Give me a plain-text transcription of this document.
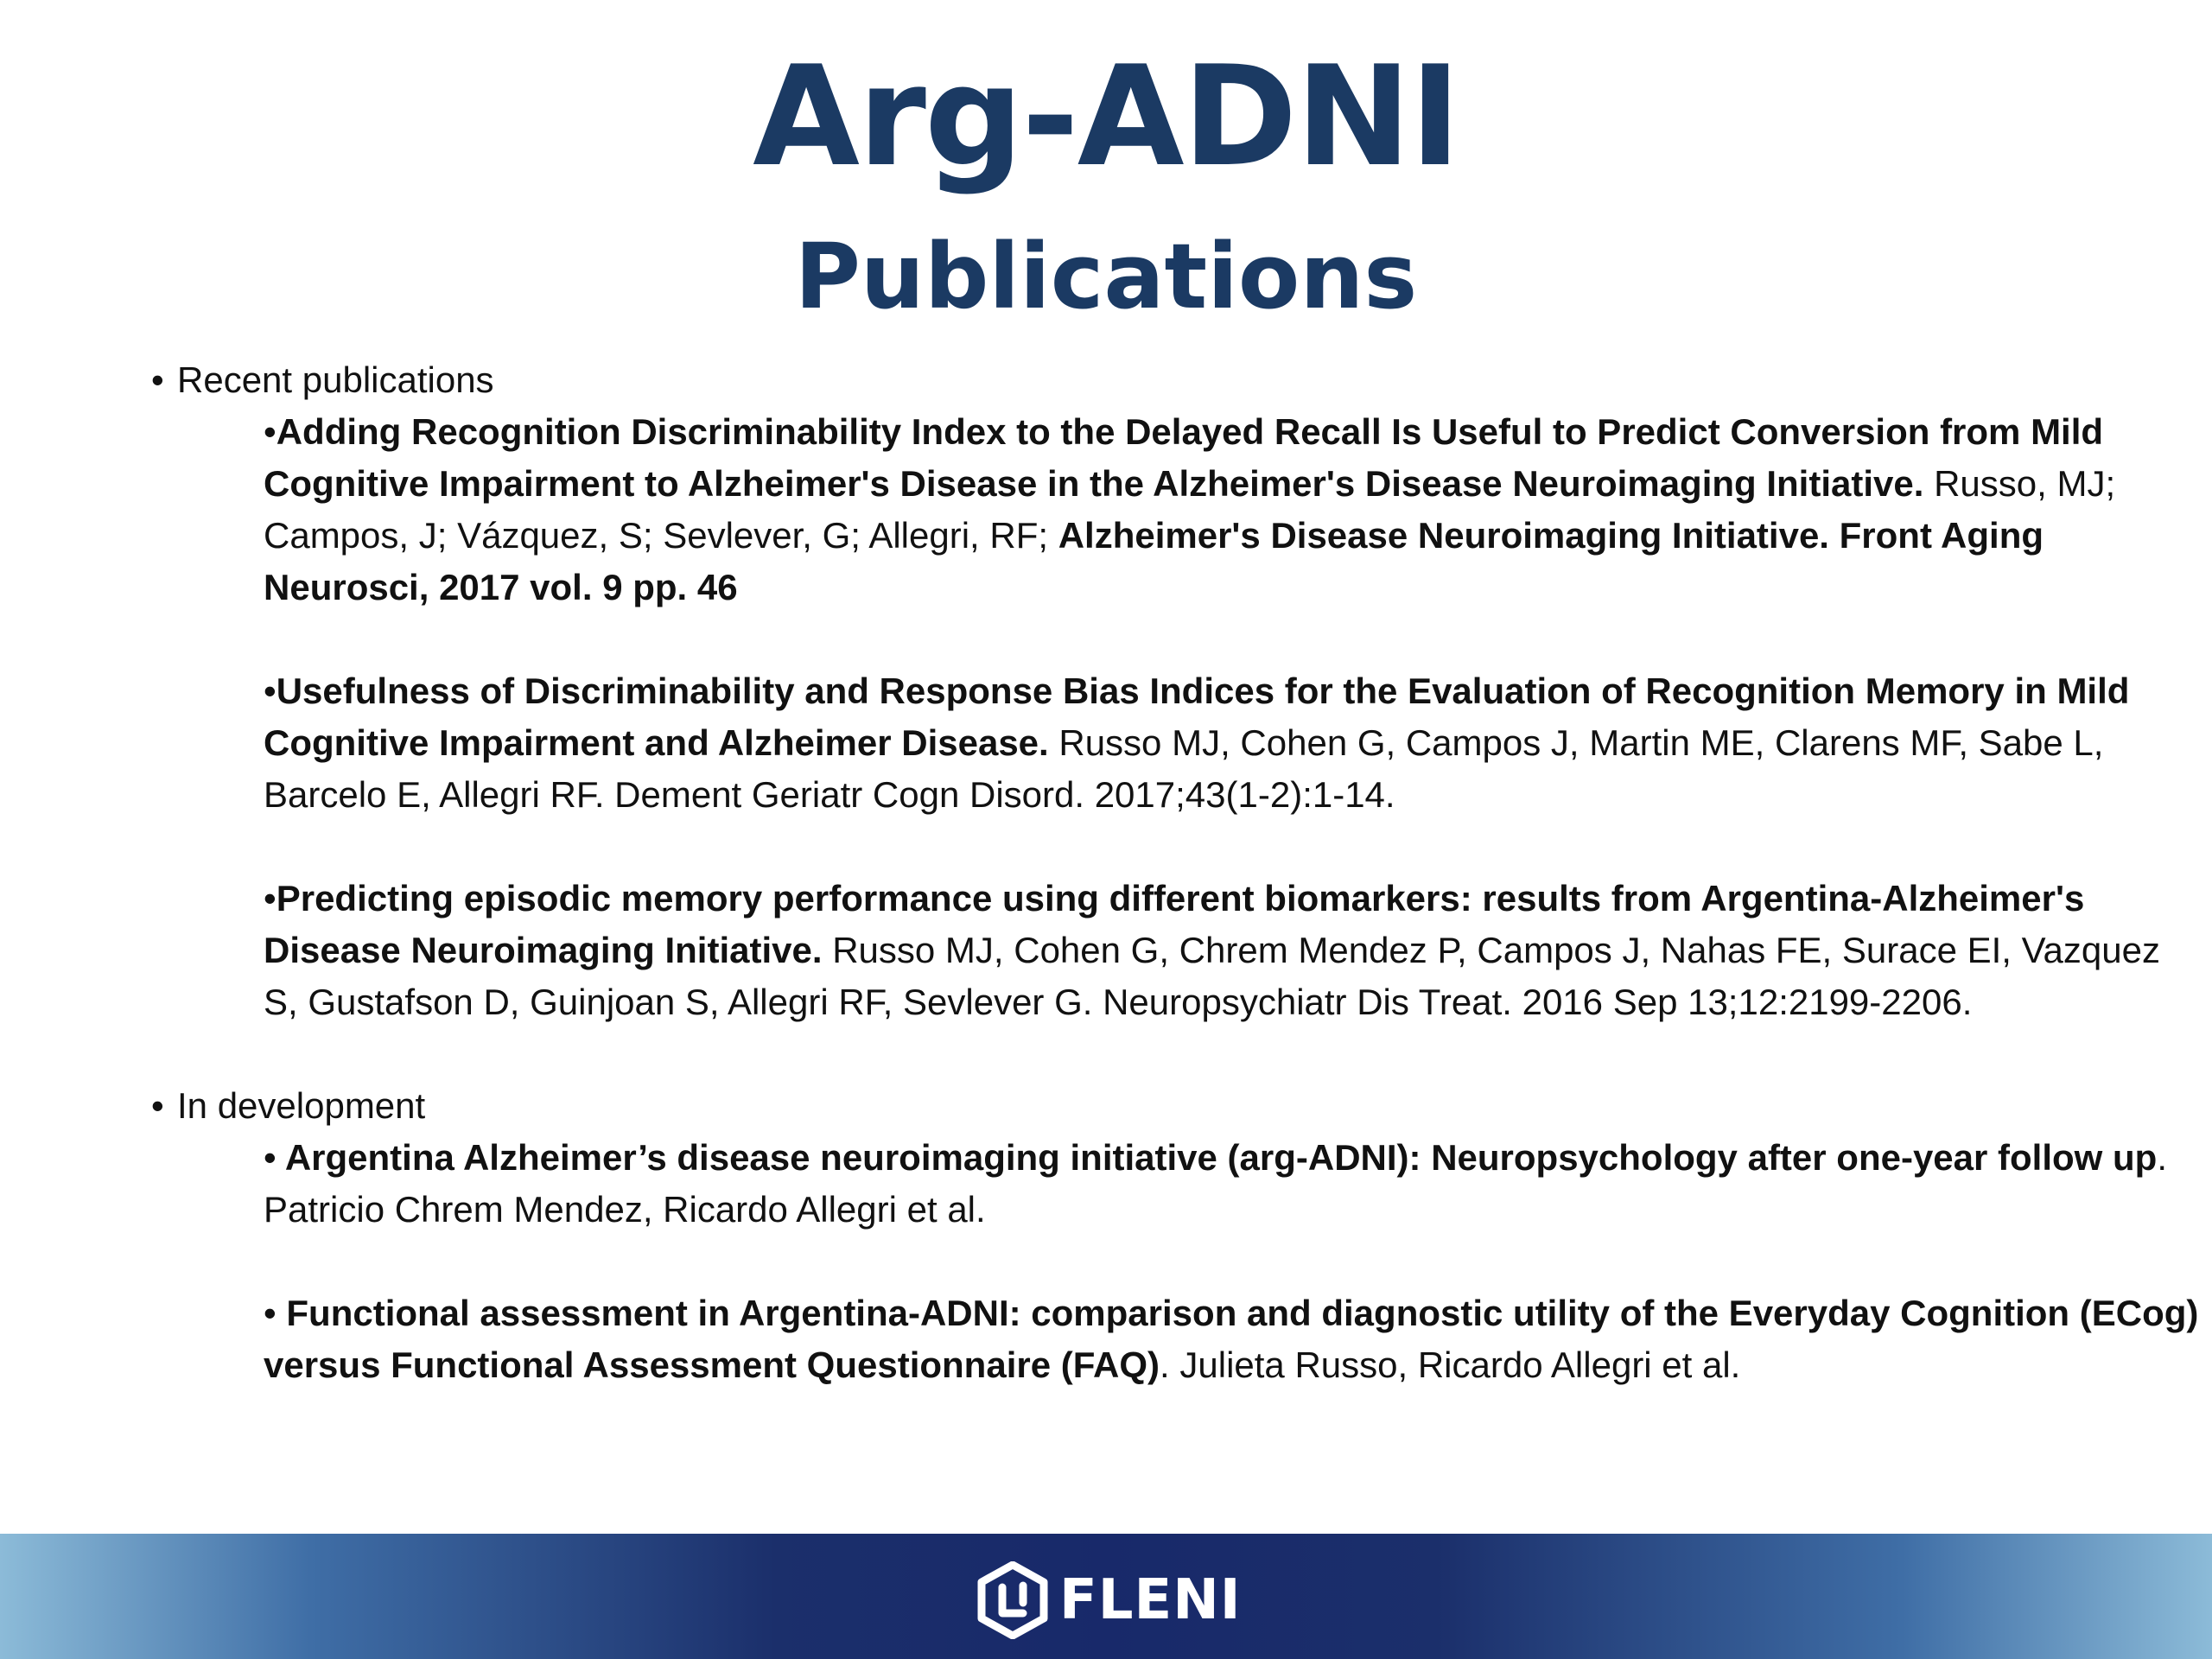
Arg-ADNI
Publications
• Recent publications

•Adding Recognition Discriminability Index to the Delayed Recall Is Useful to Predict Conversion from Mild Cognitive Impairment to Alzheimer's Disease in the Alzheimer's Disease Neuroimaging Initiative. Russo, MJ; Campos, J; Vázquez, S; Sevlever, G; Allegri, RF; Alzheimer's Disease Neuroimaging Initiative. Front Aging Neurosci, 2017 vol. 9 pp. 46

•Usefulness of Discriminability and Response Bias Indices for the Evaluation of Recognition Memory in Mild Cognitive Impairment and Alzheimer Disease. Russo MJ, Cohen G, Campos J, Martin ME, Clarens MF, Sabe L, Barcelo E, Allegri RF. Dement Geriatr Cogn Disord. 2017;43(1-2):1-14.

•Predicting episodic memory performance using different biomarkers: results from Argentina-Alzheimer's Disease Neuroimaging Initiative. Russo MJ, Cohen G, Chrem Mendez P, Campos J, Nahas FE, Surace EI, Vazquez S, Gustafson D, Guinjoan S, Allegri RF, Sevlever G. Neuropsychiatr Dis Treat. 2016 Sep 13;12:2199-2206.

• In development

• Argentina Alzheimer’s disease neuroimaging initiative (arg-ADNI): Neuropsychology after one-year follow up. Patricio Chrem Mendez, Ricardo Allegri et al.

• Functional assessment in Argentina-ADNI: comparison and diagnostic utility of the Everyday Cognition (ECog) versus Functional Assessment Questionnaire (FAQ). Julieta Russo, Ricardo Allegri et al.

FLENI
